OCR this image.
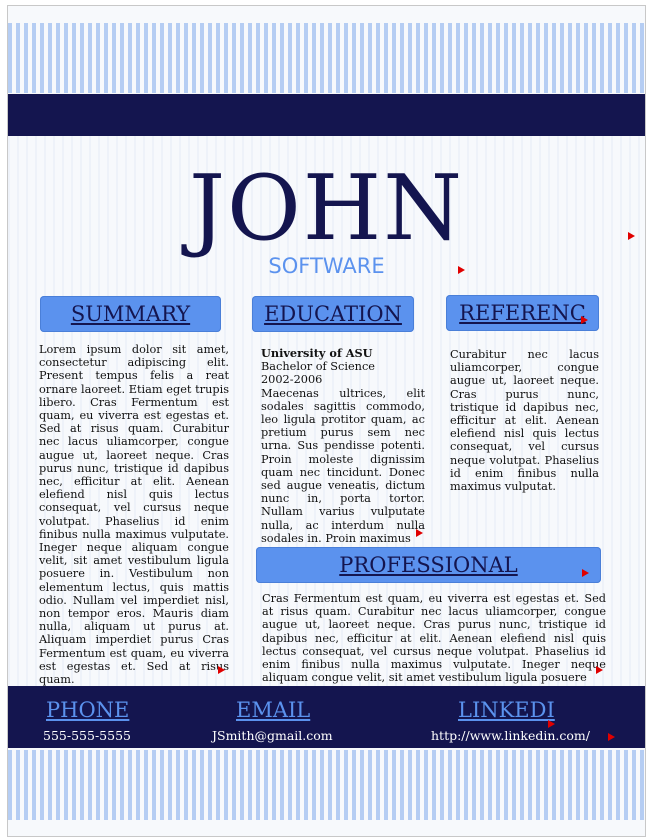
JOHN
SOFTWARE
SUMMARY	EDUCATION	REFERENC
PROFESSIONAL
Lorem ipsum dolor sit amet, consectetur adipiscing elit. Present tempus felis a reat ornare laoreet. Etiam eget trupis libero. Cras Fermentum est quam, eu viverra est egestas et. Sed at risus quam. Curabitur nec lacus uliamcorper, congue augue ut, laoreet neque. Cras purus nunc, tristique id dapibus nec, efficitur at elit. Aenean elefiend nisl quis lectus consequat, vel cursus neque volutpat. Phaselius id enim finibus nulla maximus vulputate. Ineger neque aliquam congue velit, sit amet vestibulum ligula posuere in. Vestibulum non elementum lectus, quis mattis odio. Nullam vel imperdiet nisl, non tempor eros. Mauris diam nulla, aliquam ut purus at. Aliquam imperdiet purus Cras Fermentum est quam, eu viverra est egestas et. Sed at risus quam.
University of ASU
Bachelor of Science
2002-2006
Maecenas ultrices, elit sodales sagittis commodo, leo ligula protitor quam, ac pretium purus sem nec urna. Sus pendisse potenti. Proin moleste dignissim quam nec tincidunt. Donec sed augue veneatis, dictum nunc in, porta tortor. Nullam varius vulputate nulla, ac interdum nulla sodales in. Proin maximus
Curabitur nec lacus uliamcorper, congue augue ut, laoreet neque. Cras purus nunc, tristique id dapibus nec, efficitur at elit. Aenean elefiend nisl quis lectus consequat, vel cursus neque volutpat. Phaselius id enim finibus nulla maximus vulputat.
Cras Fermentum est quam, eu viverra est egestas et. Sed at risus quam. Curabitur nec lacus uliamcorper, congue augue ut, laoreet neque. Cras purus nunc, tristique id dapibus nec, efficitur at elit. Aenean elefiend nisl quis lectus consequat, vel cursus neque volutpat. Phaselius id enim finibus nulla maximus vulputate. Ineger neque aliquam congue velit, sit amet vestibulum ligula posuere
PHONE
555-555-5555
EMAIL
JSmith@gmail.com
LINKEDI
http://www.linkedin.com/
